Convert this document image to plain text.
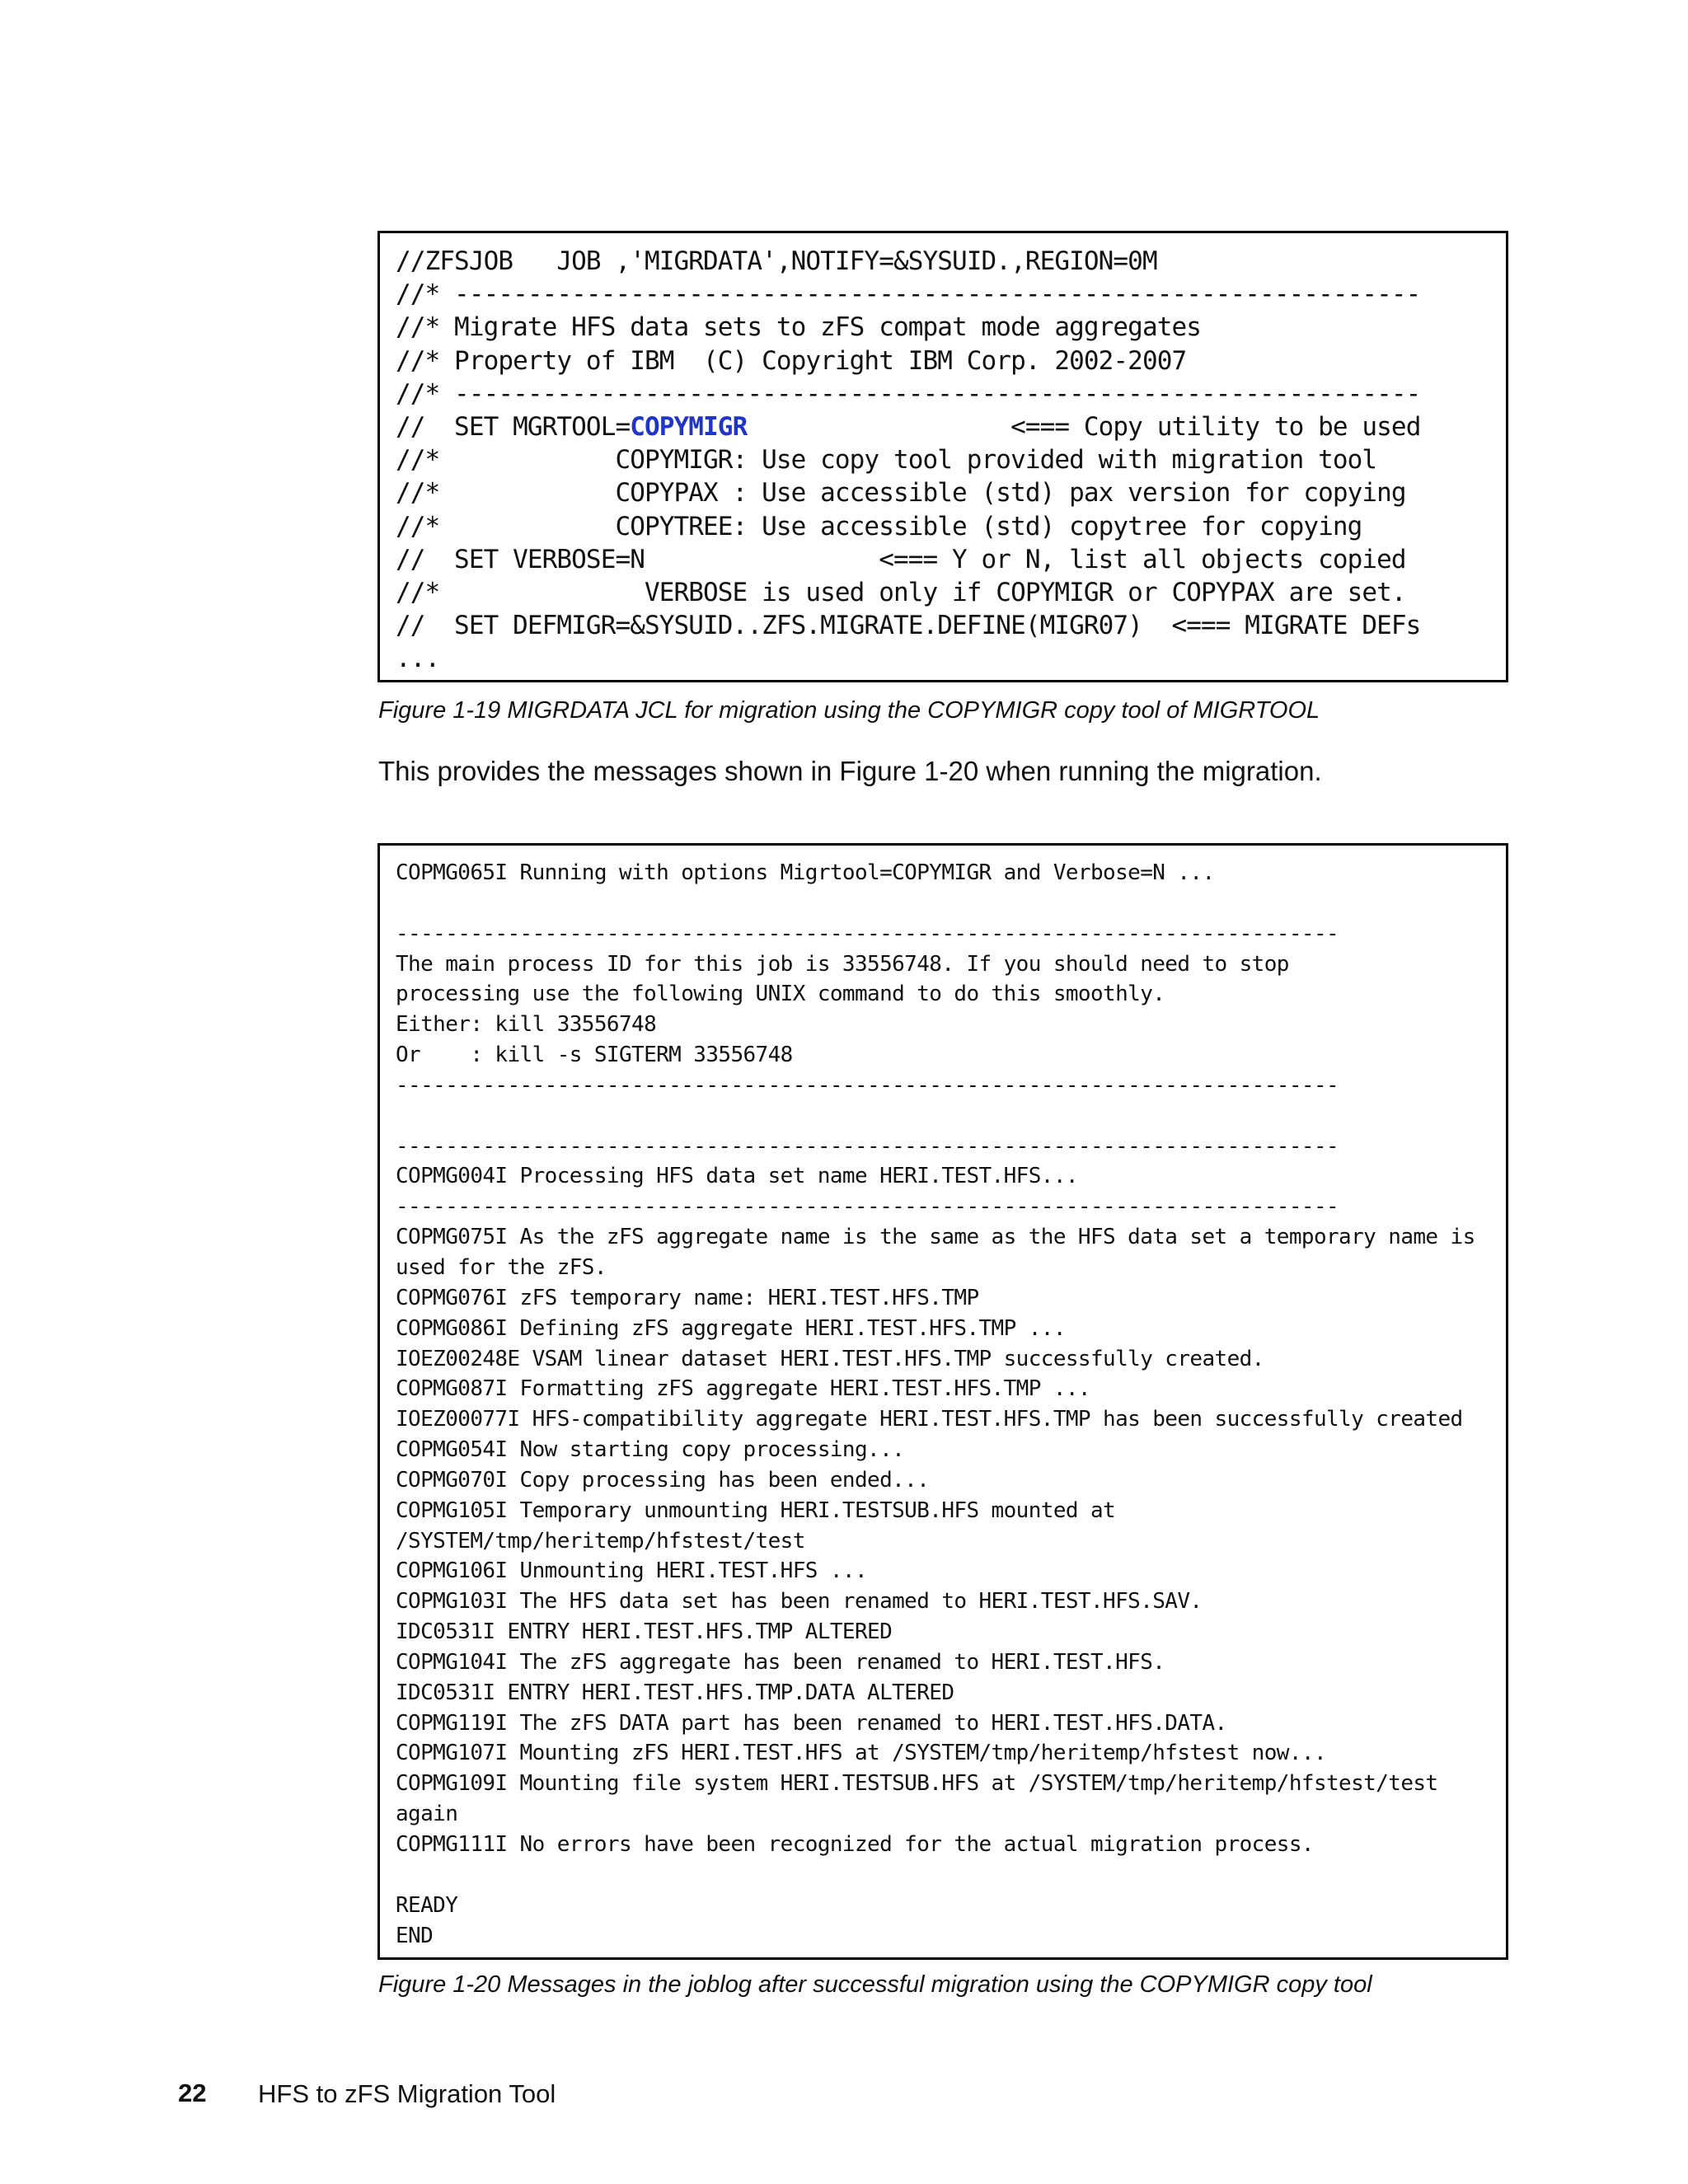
//ZFSJOB   JOB ,'MIGRDATA',NOTIFY=&SYSUID.,REGION=0M
//* ------------------------------------------------------------------
//* Migrate HFS data sets to zFS compat mode aggregates
//* Property of IBM  (C) Copyright IBM Corp. 2002-2007
//* ------------------------------------------------------------------
//  SET MGRTOOL=COPYMIGR                  <=== Copy utility to be used
//*            COPYMIGR: Use copy tool provided with migration tool
//*            COPYPAX : Use accessible (std) pax version for copying
//*            COPYTREE: Use accessible (std) copytree for copying
//  SET VERBOSE=N                <=== Y or N, list all objects copied
//*              VERBOSE is used only if COPYMIGR or COPYPAX are set.
//  SET DEFMIGR=&SYSUID..ZFS.MIGRATE.DEFINE(MIGR07)  <=== MIGRATE DEFs
...
Figure 1-19 MIGRDATA JCL for migration using the COPYMIGR copy tool of MIGRTOOL
This provides the messages shown in Figure 1-20 when running the migration.
COPMG065I Running with options Migrtool=COPYMIGR and Verbose=N ...
----------------------------------------------------------------------------
The main process ID for this job is 33556748. If you should need to stop
processing use the following UNIX command to do this smoothly.
Either: kill 33556748
Or    : kill -s SIGTERM 33556748
----------------------------------------------------------------------------
----------------------------------------------------------------------------
COPMG004I Processing HFS data set name HERI.TEST.HFS...
----------------------------------------------------------------------------
COPMG075I As the zFS aggregate name is the same as the HFS data set a temporary name is
used for the zFS.
COPMG076I zFS temporary name: HERI.TEST.HFS.TMP
COPMG086I Defining zFS aggregate HERI.TEST.HFS.TMP ...
IOEZ00248E VSAM linear dataset HERI.TEST.HFS.TMP successfully created.
COPMG087I Formatting zFS aggregate HERI.TEST.HFS.TMP ...
IOEZ00077I HFS-compatibility aggregate HERI.TEST.HFS.TMP has been successfully created
COPMG054I Now starting copy processing...
COPMG070I Copy processing has been ended...
COPMG105I Temporary unmounting HERI.TESTSUB.HFS mounted at
/SYSTEM/tmp/heritemp/hfstest/test
COPMG106I Unmounting HERI.TEST.HFS ...
COPMG103I The HFS data set has been renamed to HERI.TEST.HFS.SAV.
IDC0531I ENTRY HERI.TEST.HFS.TMP ALTERED
COPMG104I The zFS aggregate has been renamed to HERI.TEST.HFS.
IDC0531I ENTRY HERI.TEST.HFS.TMP.DATA ALTERED
COPMG119I The zFS DATA part has been renamed to HERI.TEST.HFS.DATA.
COPMG107I Mounting zFS HERI.TEST.HFS at /SYSTEM/tmp/heritemp/hfstest now...
COPMG109I Mounting file system HERI.TESTSUB.HFS at /SYSTEM/tmp/heritemp/hfstest/test
again
COPMG111I No errors have been recognized for the actual migration process.
READY
END
Figure 1-20 Messages in the joblog after successful migration using the COPYMIGR copy tool
22 HFS to zFS Migration Tool
